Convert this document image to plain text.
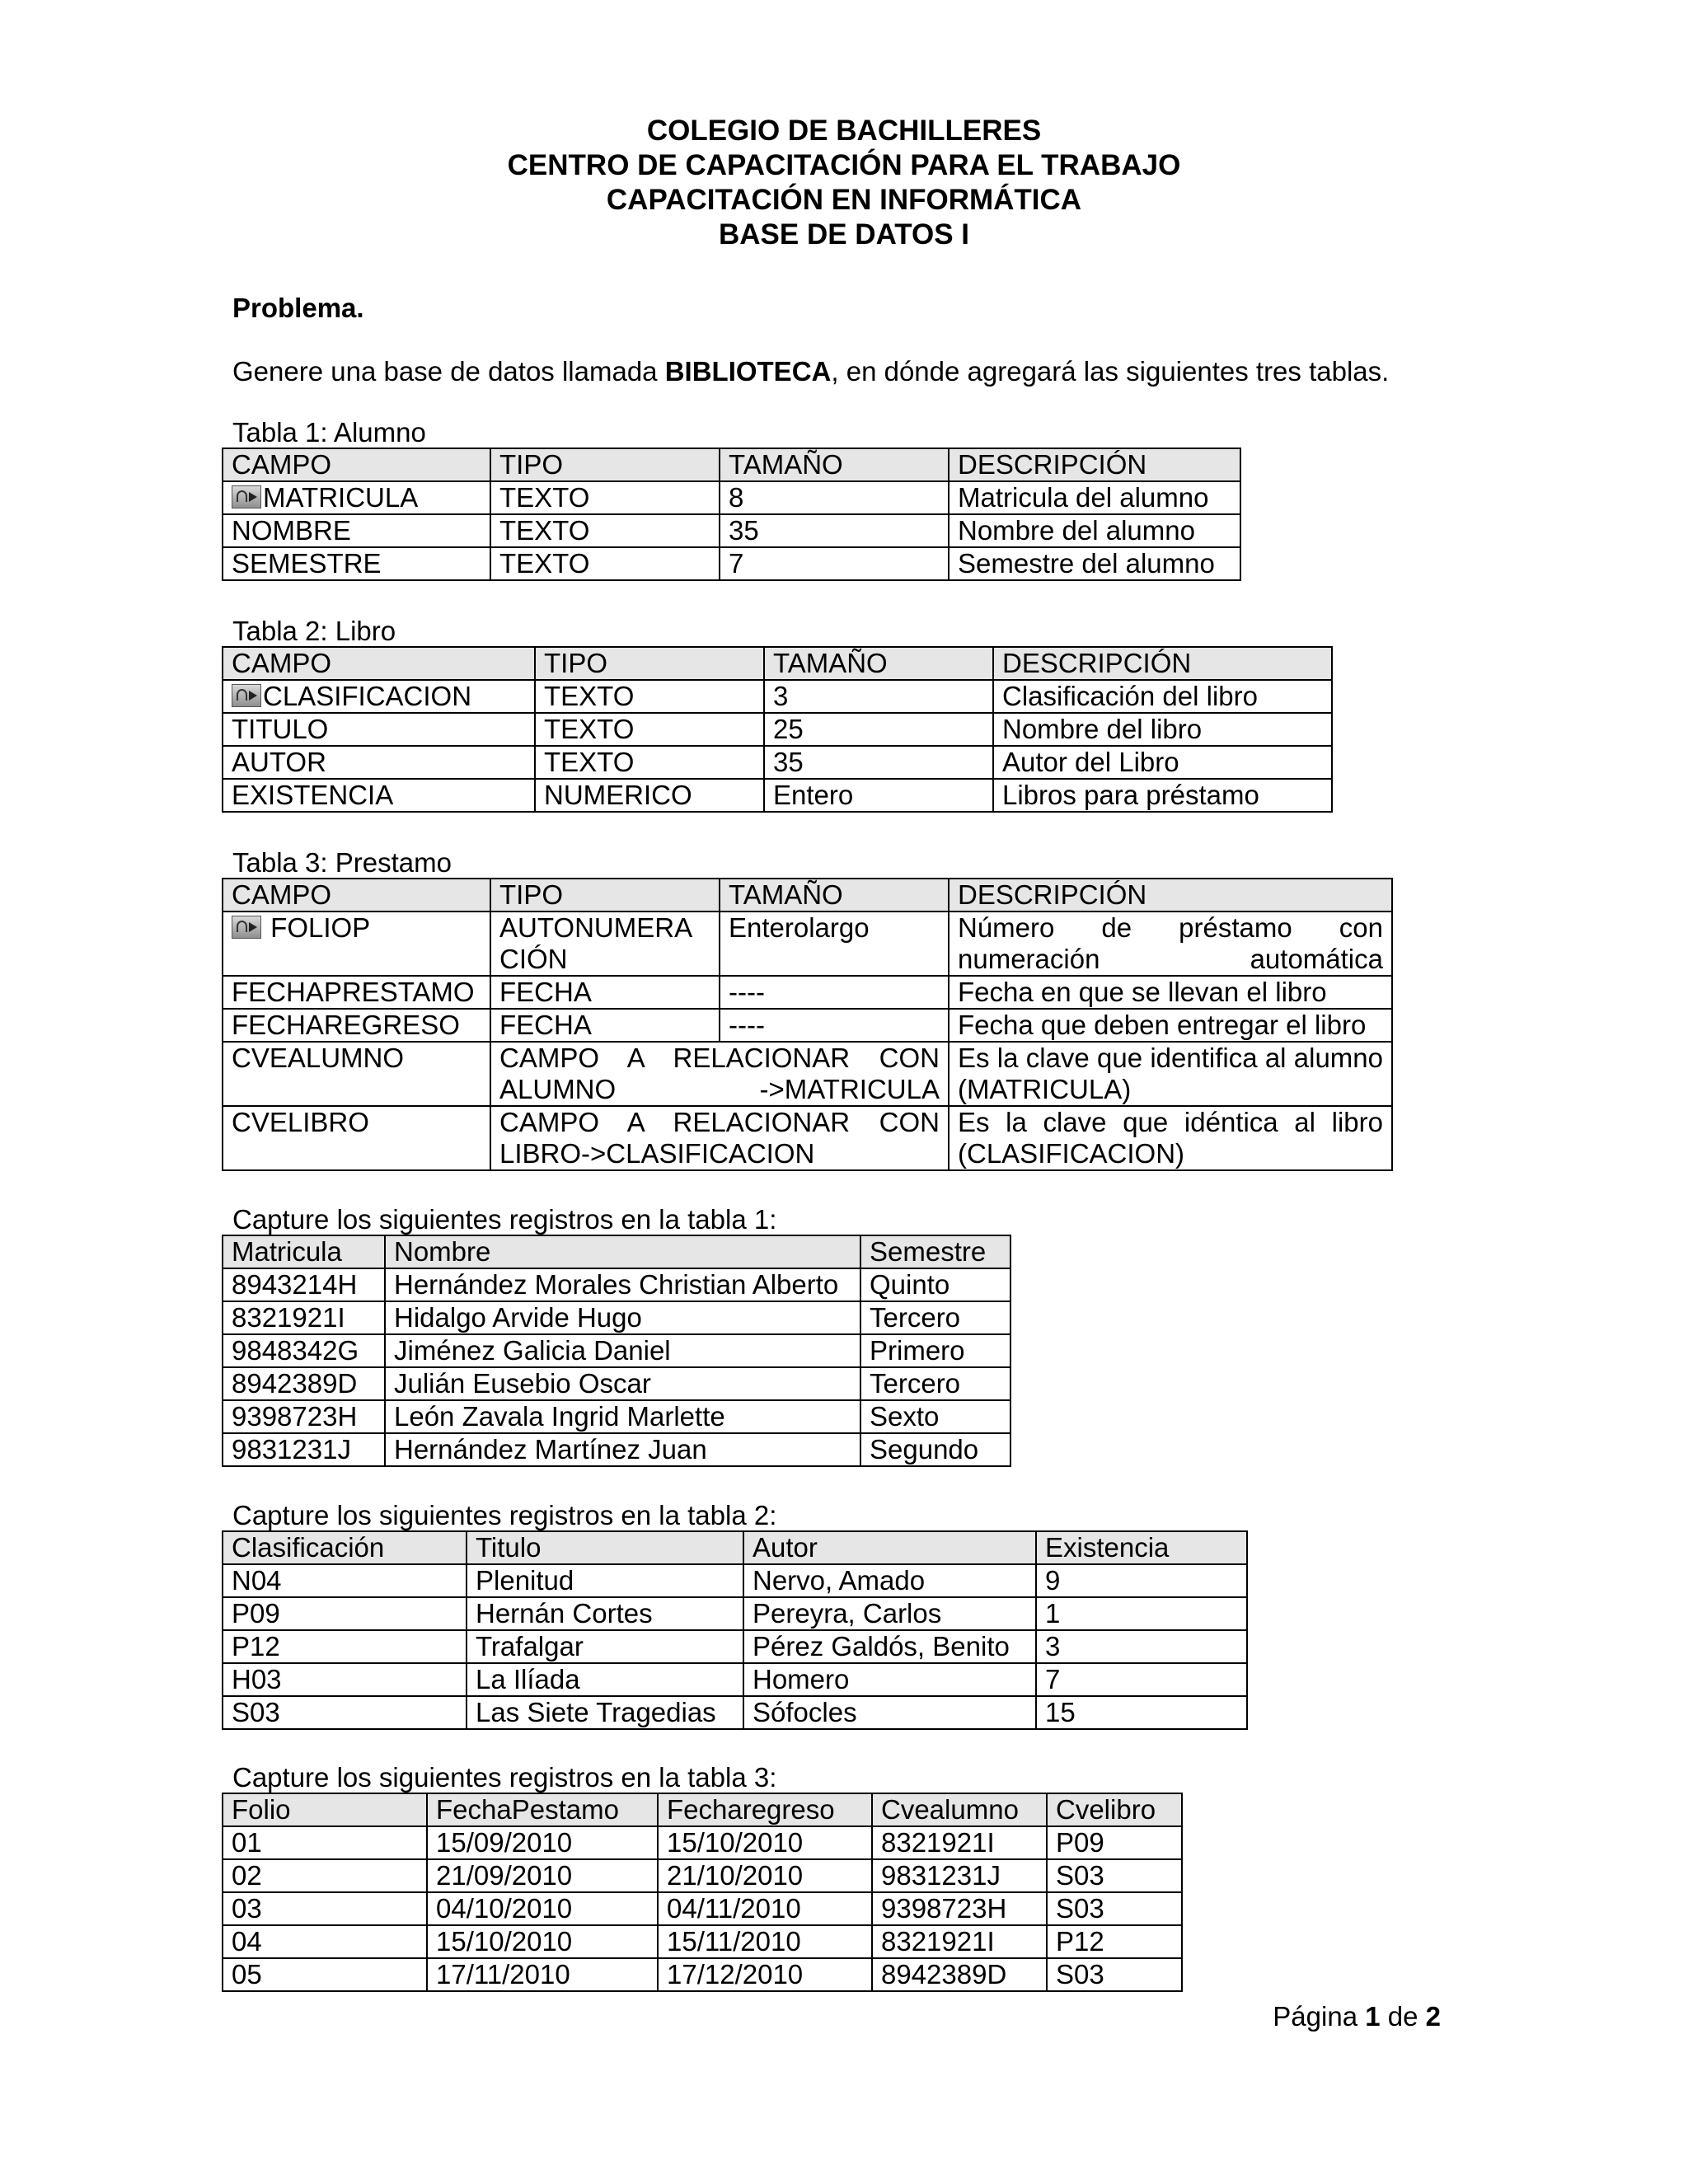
COLEGIO DE BACHILLERES
CENTRO DE CAPACITACIÓN PARA EL TRABAJO
CAPACITACIÓN EN INFORMÁTICA
BASE DE DATOS I
Problema.
Genere una base de datos llamada BIBLIOTECA, en dónde agregará las siguientes tres tablas.
Tabla 1: Alumno
CAMPO	TIPO	TAMAÑO	DESCRIPCIÓN
MATRICULA	TEXTO	8	Matricula del alumno
NOMBRE	TEXTO	35	Nombre del alumno
SEMESTRE	TEXTO	7	Semestre del alumno
Tabla 2: Libro
CAMPO	TIPO	TAMAÑO	DESCRIPCIÓN
CLASIFICACION	TEXTO	3	Clasificación del libro
TITULO	TEXTO	25	Nombre del libro
AUTOR	TEXTO	35	Autor del Libro
EXISTENCIA	NUMERICO	Entero	Libros para préstamo
Tabla 3: Prestamo
CAMPO	TIPO	TAMAÑO	DESCRIPCIÓN
FOLIOP	AUTONUMERACIÓN	Enterolargo	Número de préstamo con numeración automática
FECHAPRESTAMO	FECHA	----	Fecha en que se llevan el libro
FECHAREGRESO	FECHA	----	Fecha que deben entregar el libro
CVEALUMNO	CAMPO A RELACIONAR CON ALUMNO ->MATRICULA		Es la clave que identifica al alumno (MATRICULA)
CVELIBRO	CAMPO A RELACIONAR CON LIBRO->CLASIFICACION		Es la clave que idéntica al libro (CLASIFICACION)
Capture los siguientes registros en la tabla 1:
Matricula	Nombre	Semestre
8943214H	Hernández Morales Christian Alberto	Quinto
8321921I	Hidalgo Arvide Hugo	Tercero
9848342G	Jiménez Galicia Daniel	Primero
8942389D	Julián Eusebio Oscar	Tercero
9398723H	León Zavala Ingrid Marlette	Sexto
9831231J	Hernández Martínez Juan	Segundo
Capture los siguientes registros en la tabla 2:
Clasificación	Titulo	Autor	Existencia
N04	Plenitud	Nervo, Amado	9
P09	Hernán Cortes	Pereyra, Carlos	1
P12	Trafalgar	Pérez Galdós, Benito	3
H03	La Ilíada	Homero	7
S03	Las Siete Tragedias	Sófocles	15
Capture los siguientes registros en la tabla 3:
Folio	FechaPestamo	Fecharegreso	Cvealumno	Cvelibro
01	15/09/2010	15/10/2010	8321921I	P09
02	21/09/2010	21/10/2010	9831231J	S03
03	04/10/2010	04/11/2010	9398723H	S03
04	15/10/2010	15/11/2010	8321921I	P12
05	17/11/2010	17/12/2010	8942389D	S03
Página 1 de 2
